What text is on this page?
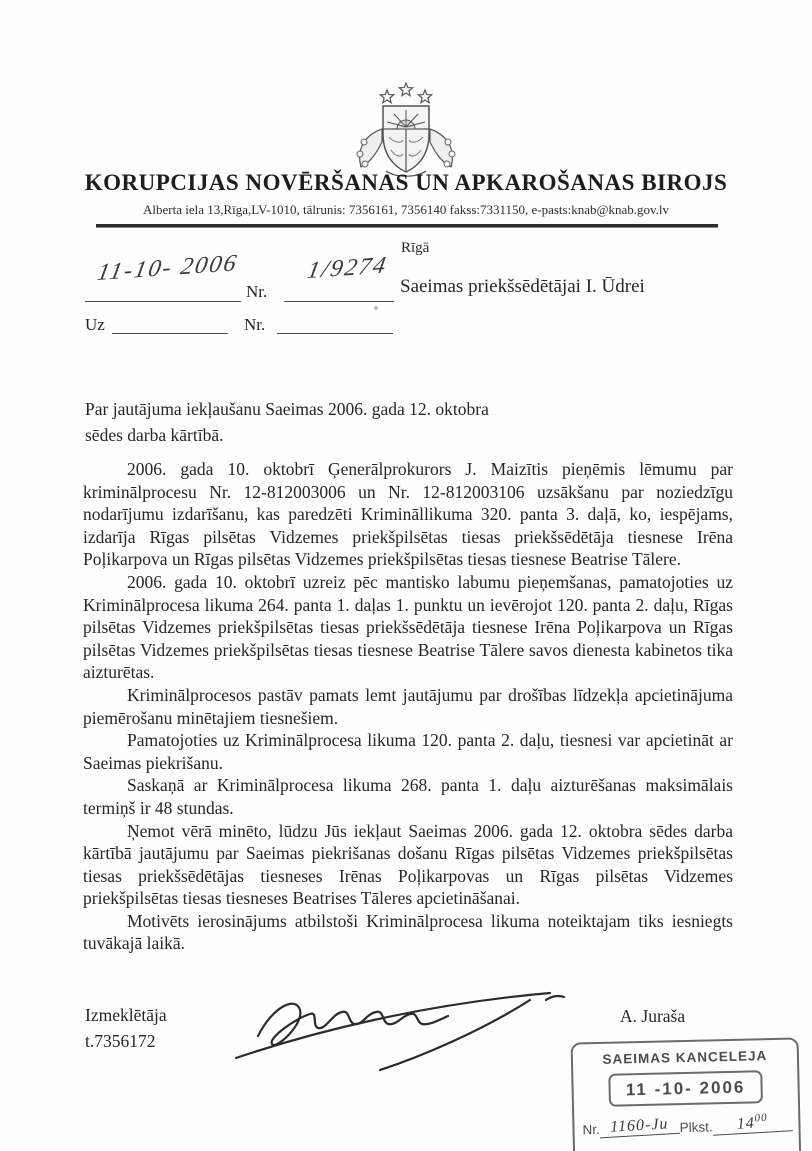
KORUPCIJAS NOVĒRŠANAS UN APKAROŠANAS BIROJS
Alberta iela 13,Rīga,LV-1010, tālrunis: 7356161, 7356140 fakss:7331150, e-pasts:knab@knab.gov.lv
Rīgā
11-10- 2006
Nr.
1/9274
Saeimas priekšsēdētājai I. Ūdrei
Uz	Nr.
Par jautājuma iekļaušanu Saeimas 2006. gada 12. oktobra
sēdes darba kārtībā.

2006. gada 10. oktobrī Ģenerālprokurors J. Maizītis pieņēmis lēmumu par kriminālprocesu Nr. 12-812003006 un Nr. 12-812003106 uzsākšanu par noziedzīgu nodarījumu izdarīšanu, kas paredzēti Krimināllikuma 320. panta 3. daļā, ko, iespējams, izdarīja Rīgas pilsētas Vidzemes priekšpilsētas tiesas priekšsēdētāja tiesnese Irēna Poļikarpova un Rīgas pilsētas Vidzemes priekšpilsētas tiesas tiesnese Beatrise Tālere.

2006. gada 10. oktobrī uzreiz pēc mantisko labumu pieņemšanas, pamatojoties uz Kriminālprocesa likuma 264. panta 1. daļas 1. punktu un ievērojot 120. panta 2. daļu, Rīgas pilsētas Vidzemes priekšpilsētas tiesas priekšsēdētāja tiesnese Irēna Poļikarpova un Rīgas pilsētas Vidzemes priekšpilsētas tiesas tiesnese Beatrise Tālere savos dienesta kabinetos tika aizturētas.

Kriminālprocesos pastāv pamats lemt jautājumu par drošības līdzekļa apcietinājuma piemērošanu minētajiem tiesnešiem.

Pamatojoties uz Kriminālprocesa likuma 120. panta 2. daļu, tiesnesi var apcietināt ar Saeimas piekrišanu.

Saskaņā ar Kriminālprocesa likuma 268. panta 1. daļu aizturēšanas maksimālais termiņš ir 48 stundas.

Ņemot vērā minēto, lūdzu Jūs iekļaut Saeimas 2006. gada 12. oktobra sēdes darba kārtībā jautājumu par Saeimas piekrišanas došanu Rīgas pilsētas Vidzemes priekšpilsētas tiesas priekšsēdētājas tiesneses Irēnas Poļikarpovas un Rīgas pilsētas Vidzemes priekšpilsētas tiesas tiesneses Beatrises Tāleres apcietināšanai.

Motivēts ierosinājums atbilstoši Kriminālprocesa likuma noteiktajam tiks iesniegts tuvākajā laikā.

Izmeklētāja
t.7356172
A. Juraša
SAEIMAS KANCELEJA
11 -10- 2006
Nr. 1160-Ju Plkst.	$14^{00}$
